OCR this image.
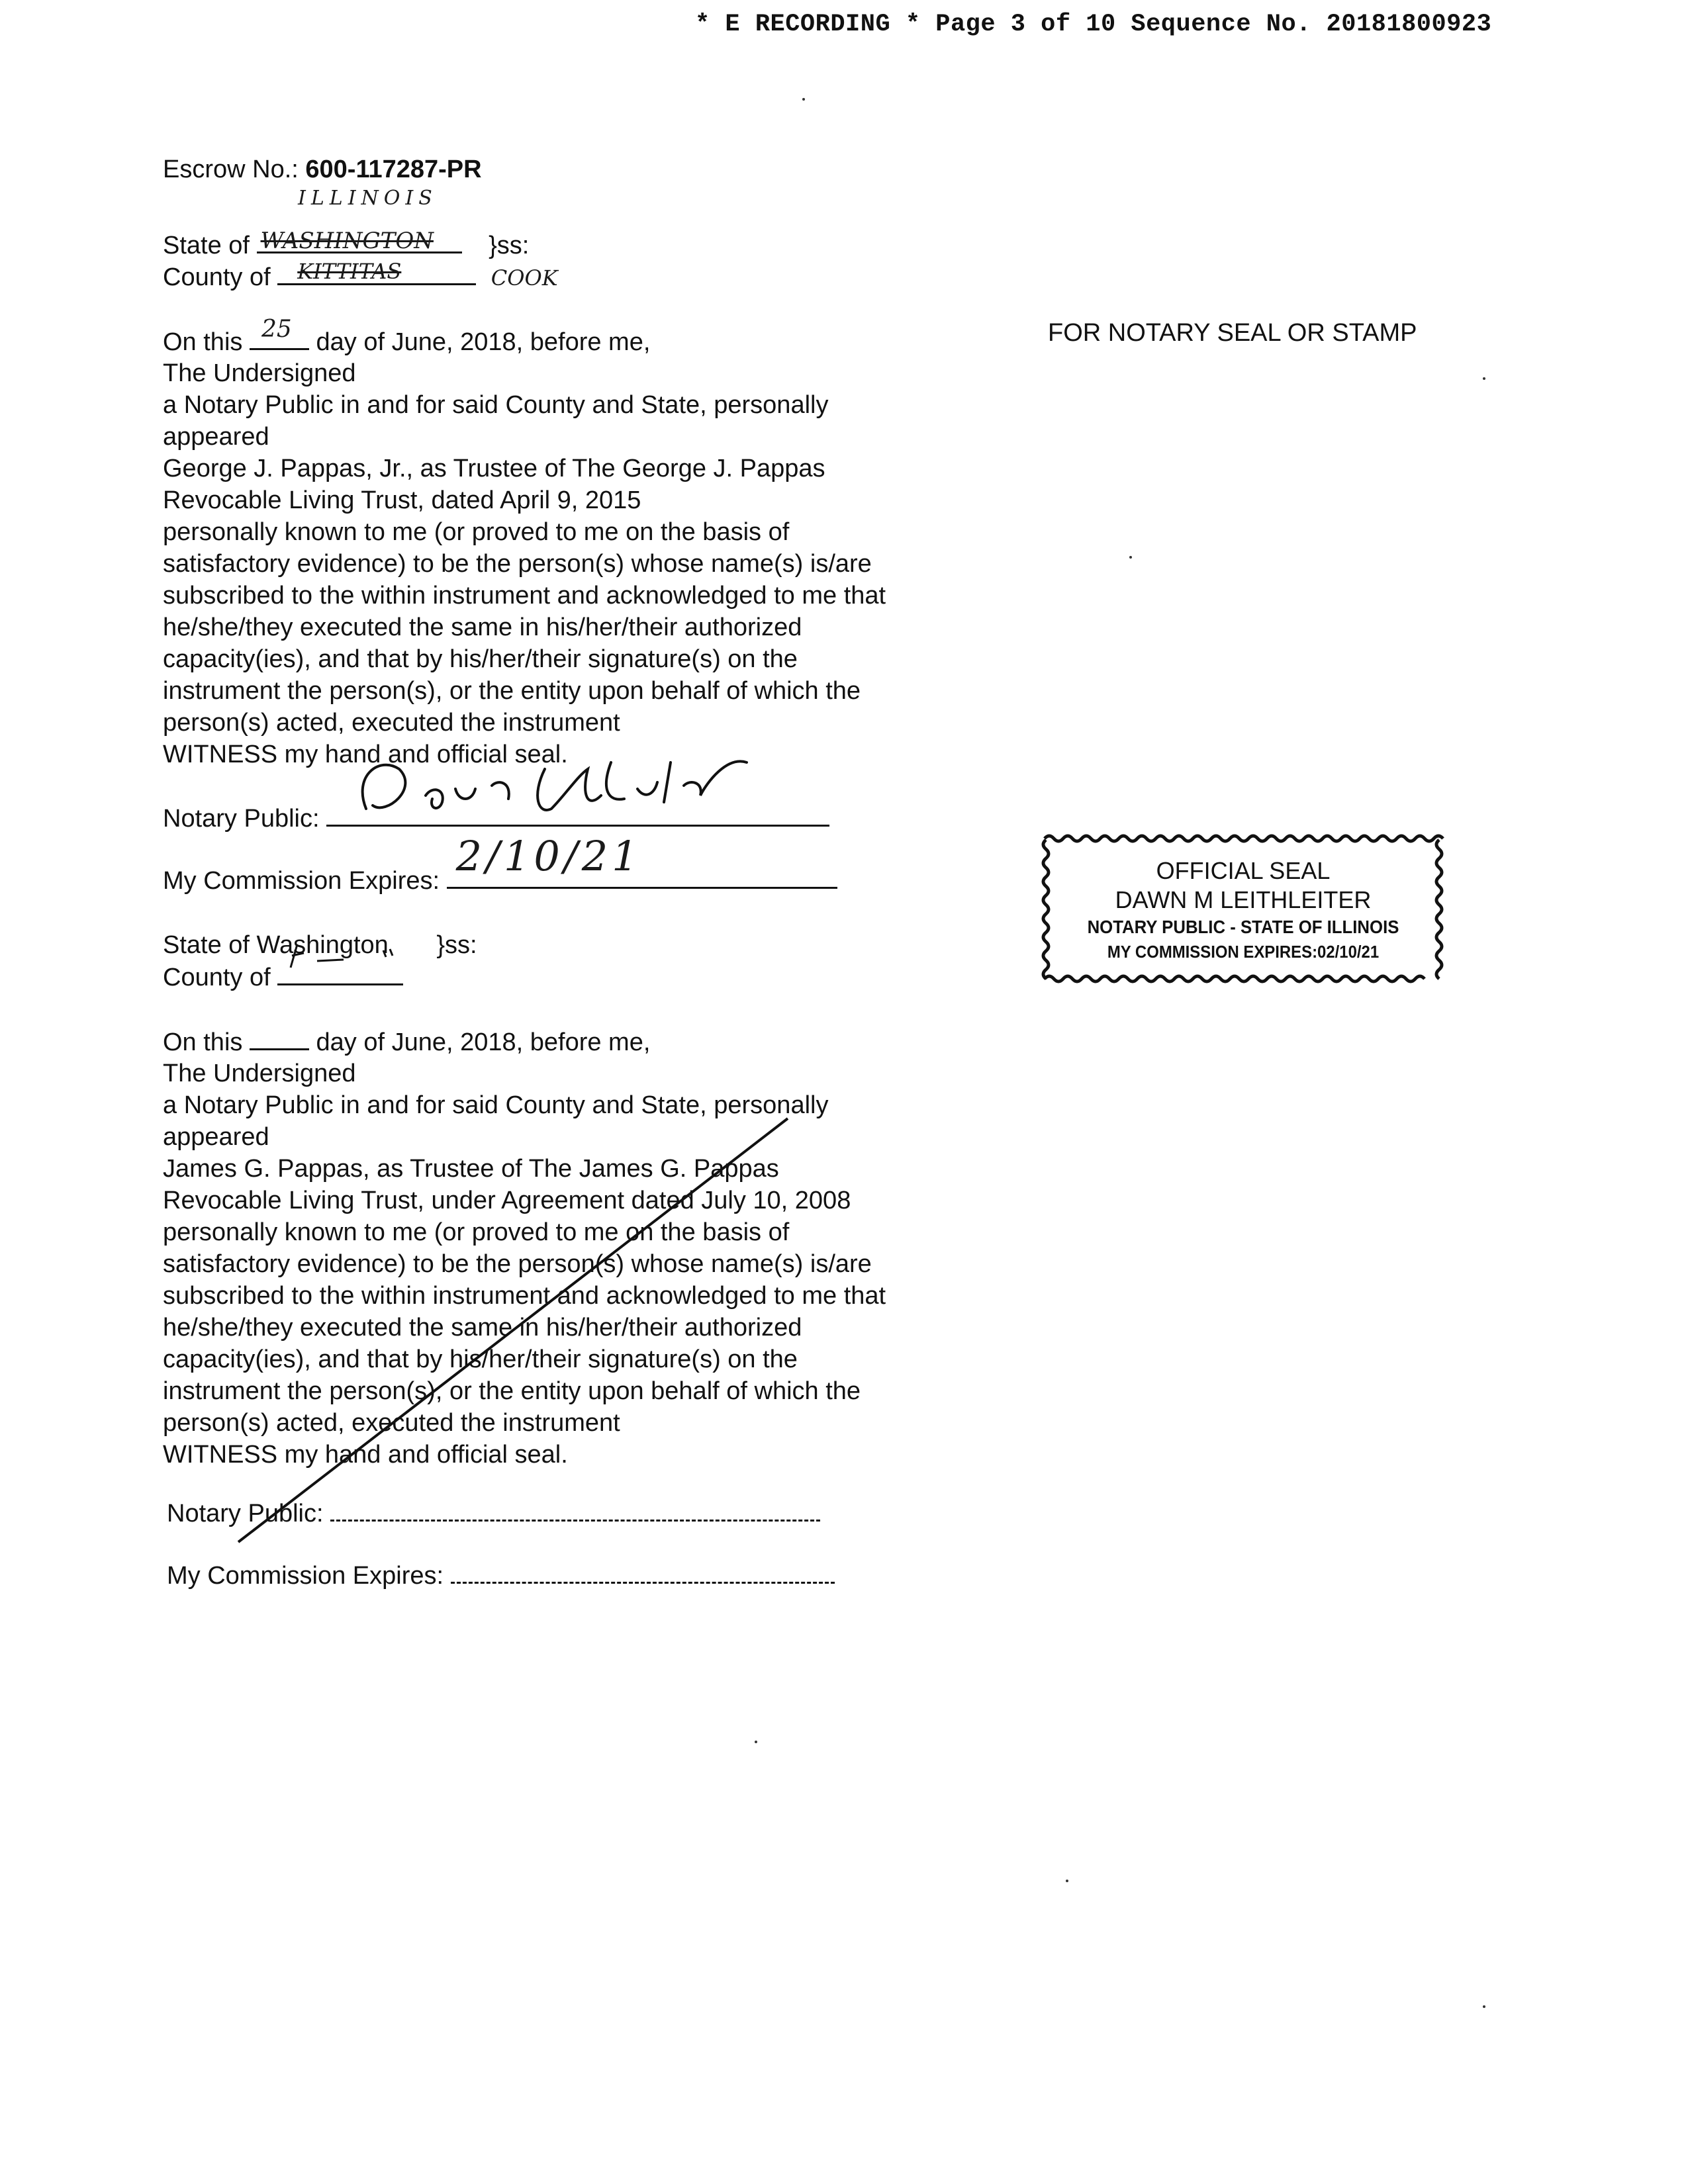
* E RECORDING * Page 3 of 10 Sequence No. 20181800923
Escrow No.: 600-117287-PR
ILLINOIS
State of WASHINGTON }ss:
County of KITTITAS	COOK
On this 25 day of June, 2018, before me,
The Undersigned
a Notary Public in and for said County and State, personally
appeared
George J. Pappas, Jr., as Trustee of The George J. Pappas
Revocable Living Trust, dated April 9, 2015
personally known to me (or proved to me on the basis of
satisfactory evidence) to be the person(s) whose name(s) is/are
subscribed to the within instrument and acknowledged to me that
he/she/they executed the same in his/her/their authorized
capacity(ies), and that by his/her/their signature(s) on the
instrument the person(s), or the entity upon behalf of which the
person(s) acted, executed the instrument
WITNESS my hand and official seal.
Notary Public:
My Commission Expires:
2/10/21
FOR NOTARY SEAL OR STAMP
OFFICIAL SEAL
DAWN M LEITHLEITER
NOTARY PUBLIC - STATE OF ILLINOIS
MY COMMISSION EXPIRES:02/10/21
State of Washington }ss:
County of
On this	day of June, 2018, before me,
The Undersigned
a Notary Public in and for said County and State, personally
appeared
James G. Pappas, as Trustee of The James G. Pappas
Revocable Living Trust, under Agreement dated July 10, 2008
personally known to me (or proved to me on the basis of
satisfactory evidence) to be the person(s) whose name(s) is/are
subscribed to the within instrument and acknowledged to me that
he/she/they executed the same in his/her/their authorized
capacity(ies), and that by his/her/their signature(s) on the
instrument the person(s), or the entity upon behalf of which the
person(s) acted, executed the instrument
WITNESS my hand and official seal.
Notary Public:
My Commission Expires:
